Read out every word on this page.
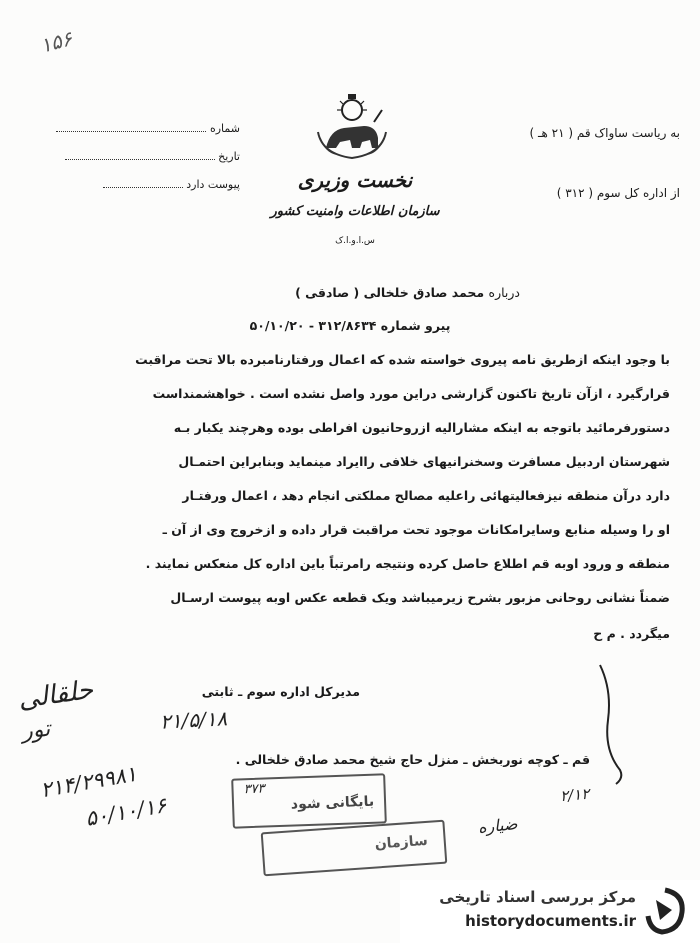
۱۵۶
نخست وزیری
سازمان اطلاعات وامنیت کشور
س.ا.و.ا.ک
به ریاست ساواک قم ( ۲۱ هـ )
از اداره کل سوم ( ۳۱۲ )
شماره
تاریخ
پیوست دارد
درباره محمد صادق خلخالی ( صادقی )
پیرو شماره ۳۱۲/۸۶۳۴ - ۵۰/۱۰/۲۰
با وجود اینکه ازطریق نامه پیروی خواسته شده که اعمال ورفتارنامبرده بالا تحت مراقبت
قرارگیرد ، ازآن تاریخ تاکنون گزارشی دراین مورد واصل نشده است . خواهشمنداست
دستورفرمائید باتوجه به اینکه مشارالیه ازروحانیون افراطی بوده وهرچند یکبار بـه
شهرستان اردبیل مسافرت وسخنرانیهای خلافی راایراد مینماید وبنابراین احتمـال
دارد درآن منطقه نیزفعالیتهائی راعلیه مصالح مملکتی انجام دهد ، اعمال ورفتـار
او را وسیله منابع وسایرامکانات موجود تحت مراقبت قرار داده و ازخروج وی از آن ـ
منطقه و ورود اوبه قم اطلاع حاصل کرده ونتیجه رامرتباً باین اداره کل منعکس نمایند .
ضمناً نشانی روحانی مزبور بشرح زیرمیباشد ویک قطعه عکس اوبه پیوست ارسـال
میگردد . م ح
مدیرکل اداره سوم ـ ثابتی
۲۱/۵/۱۸
قم ـ کوچه نوربخش ـ منزل حاج شیخ محمد صادق خلخالی .
حلقالی
تور
۲۱۴/۲۹۹۸۱
۵۰/۱۰/۱۶	۲/۱۲
۳۷۳
بایگانی شود
سازمان
ضیاره
مرکز بررسی اسناد تاریخی
historydocuments.ir
